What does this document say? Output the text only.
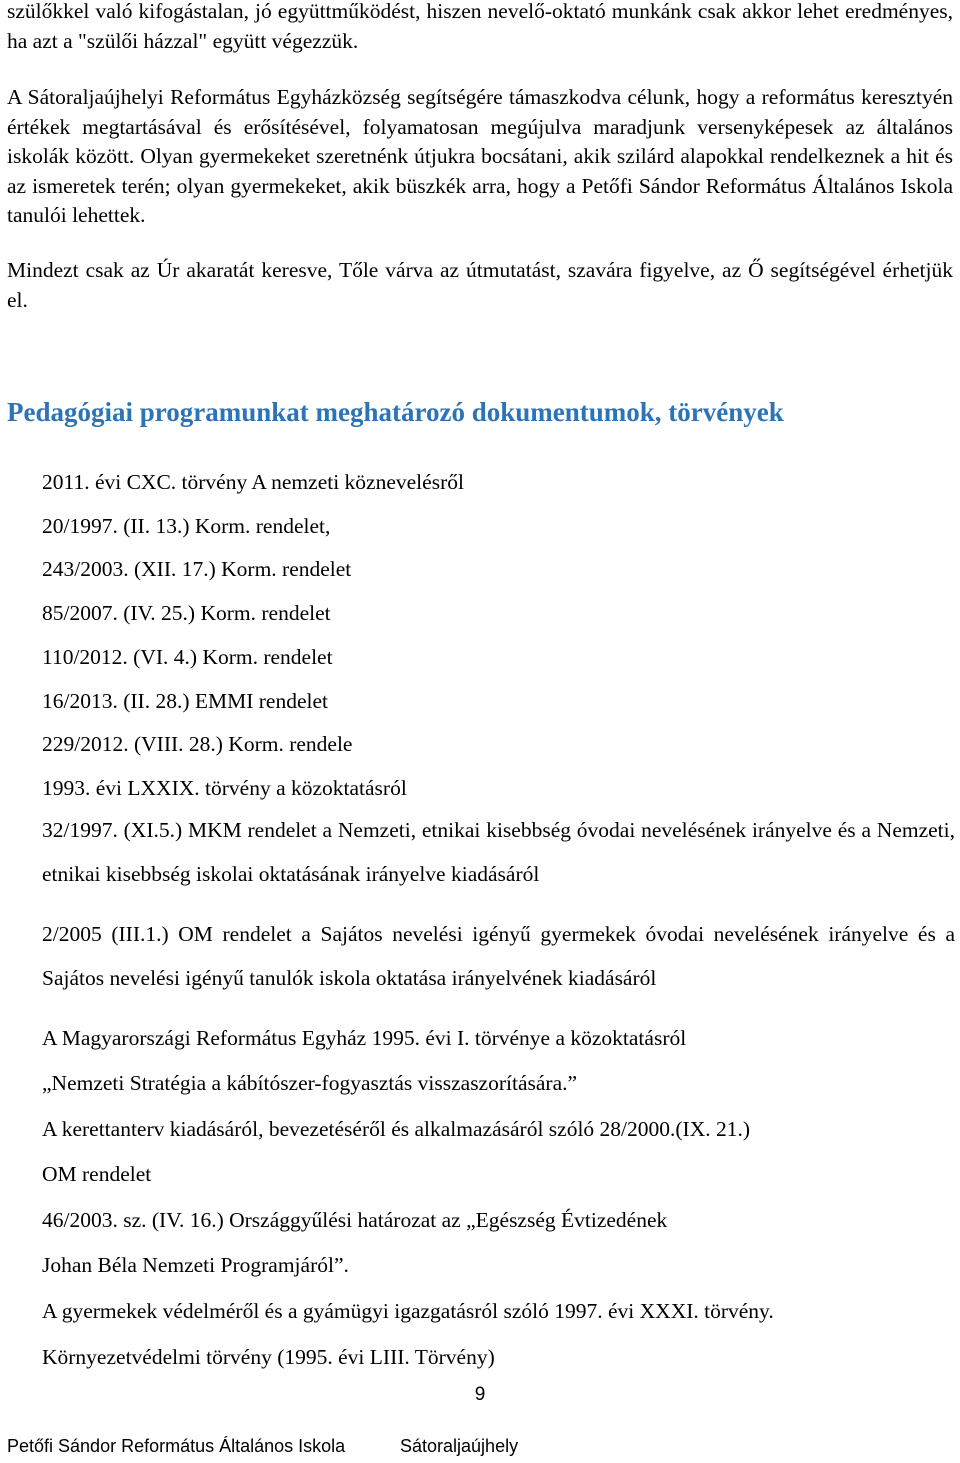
szülőkkel való kifogástalan, jó együttműködést, hiszen nevelő-oktató munkánk csak akkor lehet eredményes, ha azt a "szülői házzal" együtt végezzük.

A Sátoraljaújhelyi Református Egyházközség segítségére támaszkodva célunk, hogy a református keresztyén értékek megtartásával és erősítésével, folyamatosan megújulva maradjunk versenyképesek az általános iskolák között. Olyan gyermekeket szeretnénk útjukra bocsátani, akik szilárd alapokkal rendelkeznek a hit és az ismeretek terén; olyan gyermekeket, akik büszkék arra, hogy a Petőfi Sándor Református Általános Iskola tanulói lehettek.

Mindezt csak az Úr akaratát keresve, Tőle várva az útmutatást, szavára figyelve, az Ő segítségével érhetjük el.

Pedagógiai programunkat meghatározó dokumentumok, törvények

2011. évi CXC. törvény A nemzeti köznevelésről

20/1997. (II. 13.) Korm. rendelet,

243/2003. (XII. 17.) Korm. rendelet

85/2007. (IV. 25.) Korm. rendelet

110/2012. (VI. 4.) Korm. rendelet

16/2013. (II. 28.) EMMI rendelet

229/2012. (VIII. 28.) Korm. rendele

1993. évi LXXIX. törvény a közoktatásról

32/1997. (XI.5.) MKM rendelet a Nemzeti, etnikai kisebbség óvodai nevelésének irányelve és a Nemzeti, etnikai kisebbség iskolai oktatásának irányelve kiadásáról

2/2005 (III.1.) OM rendelet a Sajátos nevelési igényű gyermekek óvodai nevelésének irányelve és a Sajátos nevelési igényű tanulók iskola oktatása irányelvének kiadásáról

A Magyarországi Református Egyház 1995. évi I. törvénye a közoktatásról

„Nemzeti Stratégia a kábítószer-fogyasztás visszaszorítására.”

A kerettanterv kiadásáról, bevezetéséről és alkalmazásáról szóló 28/2000.(IX. 21.)

OM rendelet

46/2003. sz. (IV. 16.) Országgyűlési határozat az „Egészség Évtizedének

Johan Béla Nemzeti Programjáról”.

A gyermekek védelméről és a gyámügyi igazgatásról szóló 1997. évi XXXI. törvény.

Környezetvédelmi törvény (1995. évi LIII. Törvény)

9
Petőfi Sándor Református Általános Iskola	Sátoraljaújhely
